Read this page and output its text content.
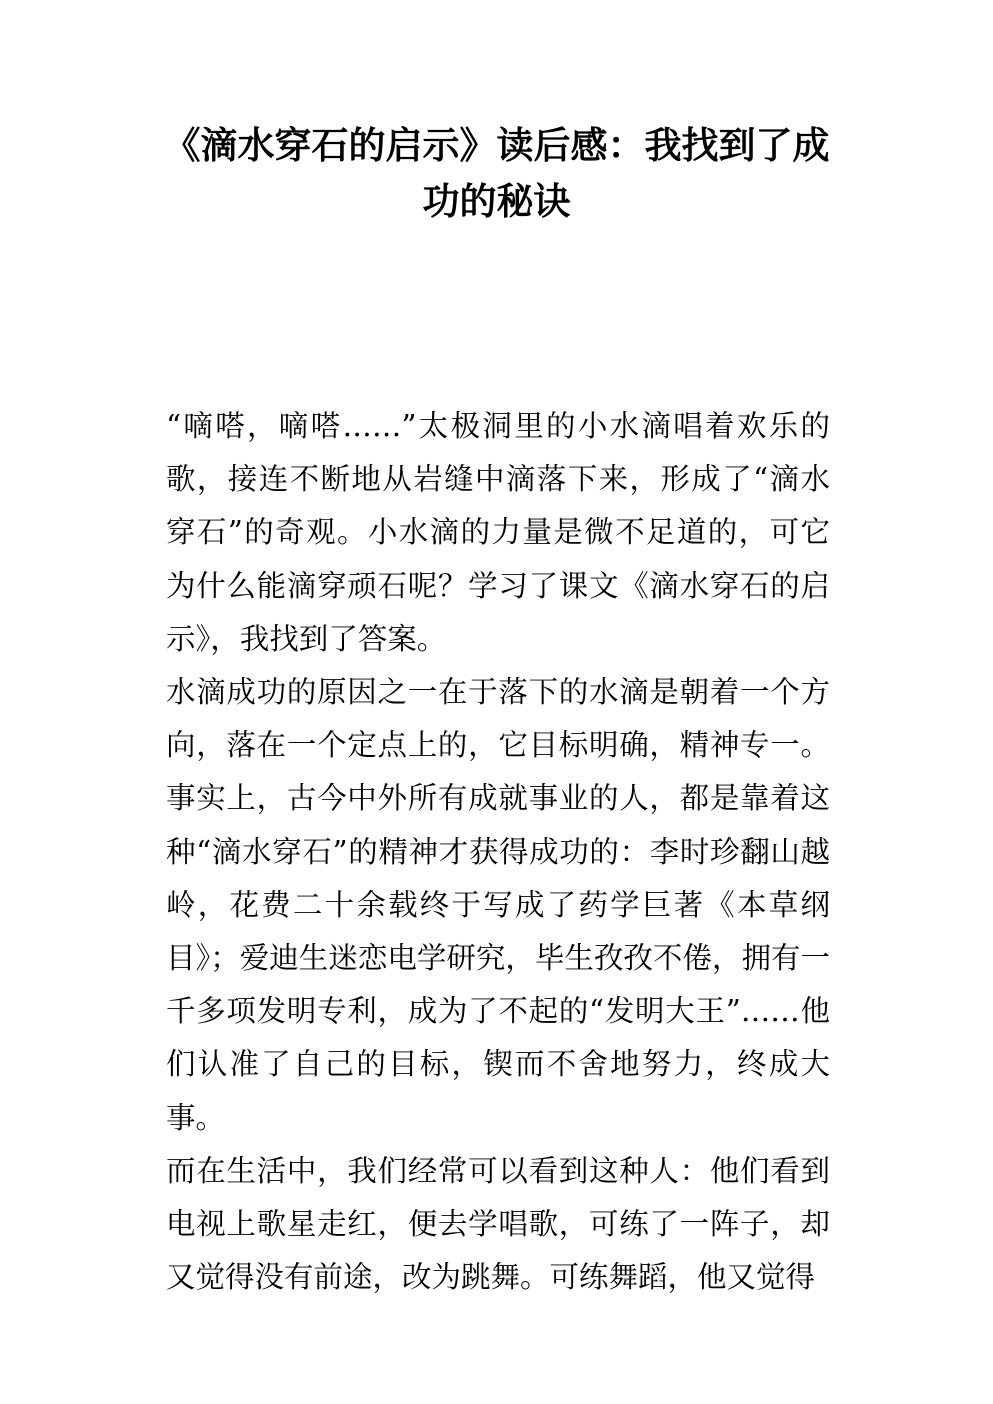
《滴水穿石的启示》读后感：我找到了成功的秘诀

“嘀嗒，嘀嗒……”太极洞里的小水滴唱着欢乐的歌，接连不断地从岩缝中滴落下来，形成了“滴水穿石”的奇观。小水滴的力量是微不足道的，可它为什么能滴穿顽石呢？学习了课文《滴水穿石的启示》，我找到了答案。

水滴成功的原因之一在于落下的水滴是朝着一个方向，落在一个定点上的，它目标明确，精神专一。事实上，古今中外所有成就事业的人，都是靠着这种“滴水穿石”的精神才获得成功的：李时珍翻山越岭，花费二十余载终于写成了药学巨著《本草纲目》；爱迪生迷恋电学研究，毕生孜孜不倦，拥有一千多项发明专利，成为了不起的“发明大王”……他们认准了自己的目标，锲而不舍地努力，终成大事。

而在生活中，我们经常可以看到这种人：他们看到电视上歌星走红，便去学唱歌，可练了一阵子，却又觉得没有前途，改为跳舞。可练舞蹈，他又觉得
